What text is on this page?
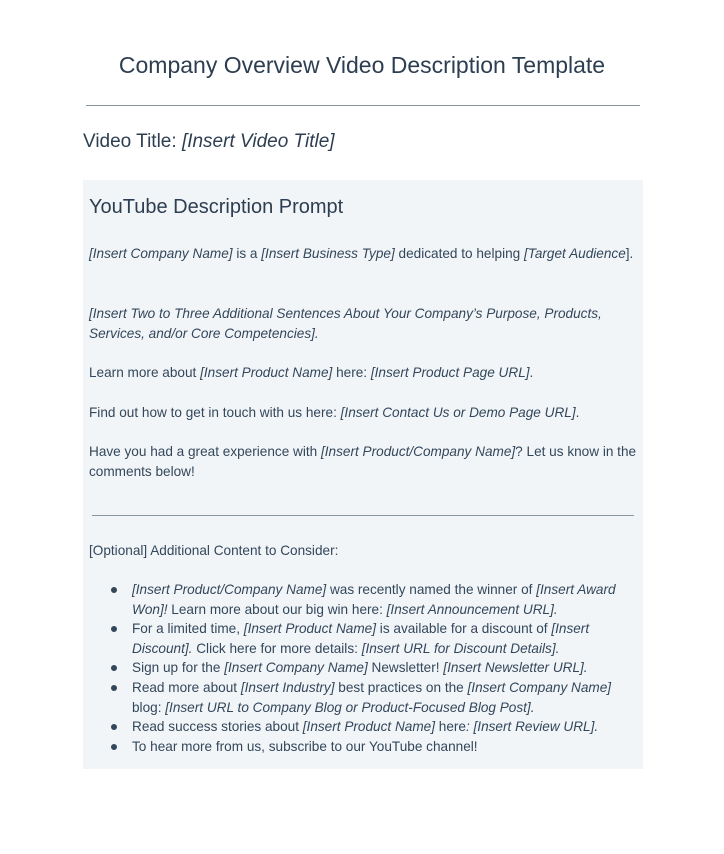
Company Overview Video Description Template
Video Title: [Insert Video Title]
YouTube Description Prompt
[Insert Company Name] is a [Insert Business Type] dedicated to helping [Target Audience].
[Insert Two to Three Additional Sentences About Your Company’s Purpose, Products, Services, and/or Core Competencies].
Learn more about [Insert Product Name] here: [Insert Product Page URL].
Find out how to get in touch with us here: [Insert Contact Us or Demo Page URL].
Have you had a great experience with [Insert Product/Company Name]? Let us know in the comments below!
[Optional] Additional Content to Consider:
[Insert Product/Company Name] was recently named the winner of [Insert Award Won]! Learn more about our big win here: [Insert Announcement URL].
For a limited time, [Insert Product Name] is available for a discount of [Insert Discount]. Click here for more details: [Insert URL for Discount Details].
Sign up for the [Insert Company Name] Newsletter! [Insert Newsletter URL].
Read more about [Insert Industry] best practices on the [Insert Company Name] blog: [Insert URL to Company Blog or Product-Focused Blog Post].
Read success stories about [Insert Product Name] here: [Insert Review URL].
To hear more from us, subscribe to our YouTube channel!
